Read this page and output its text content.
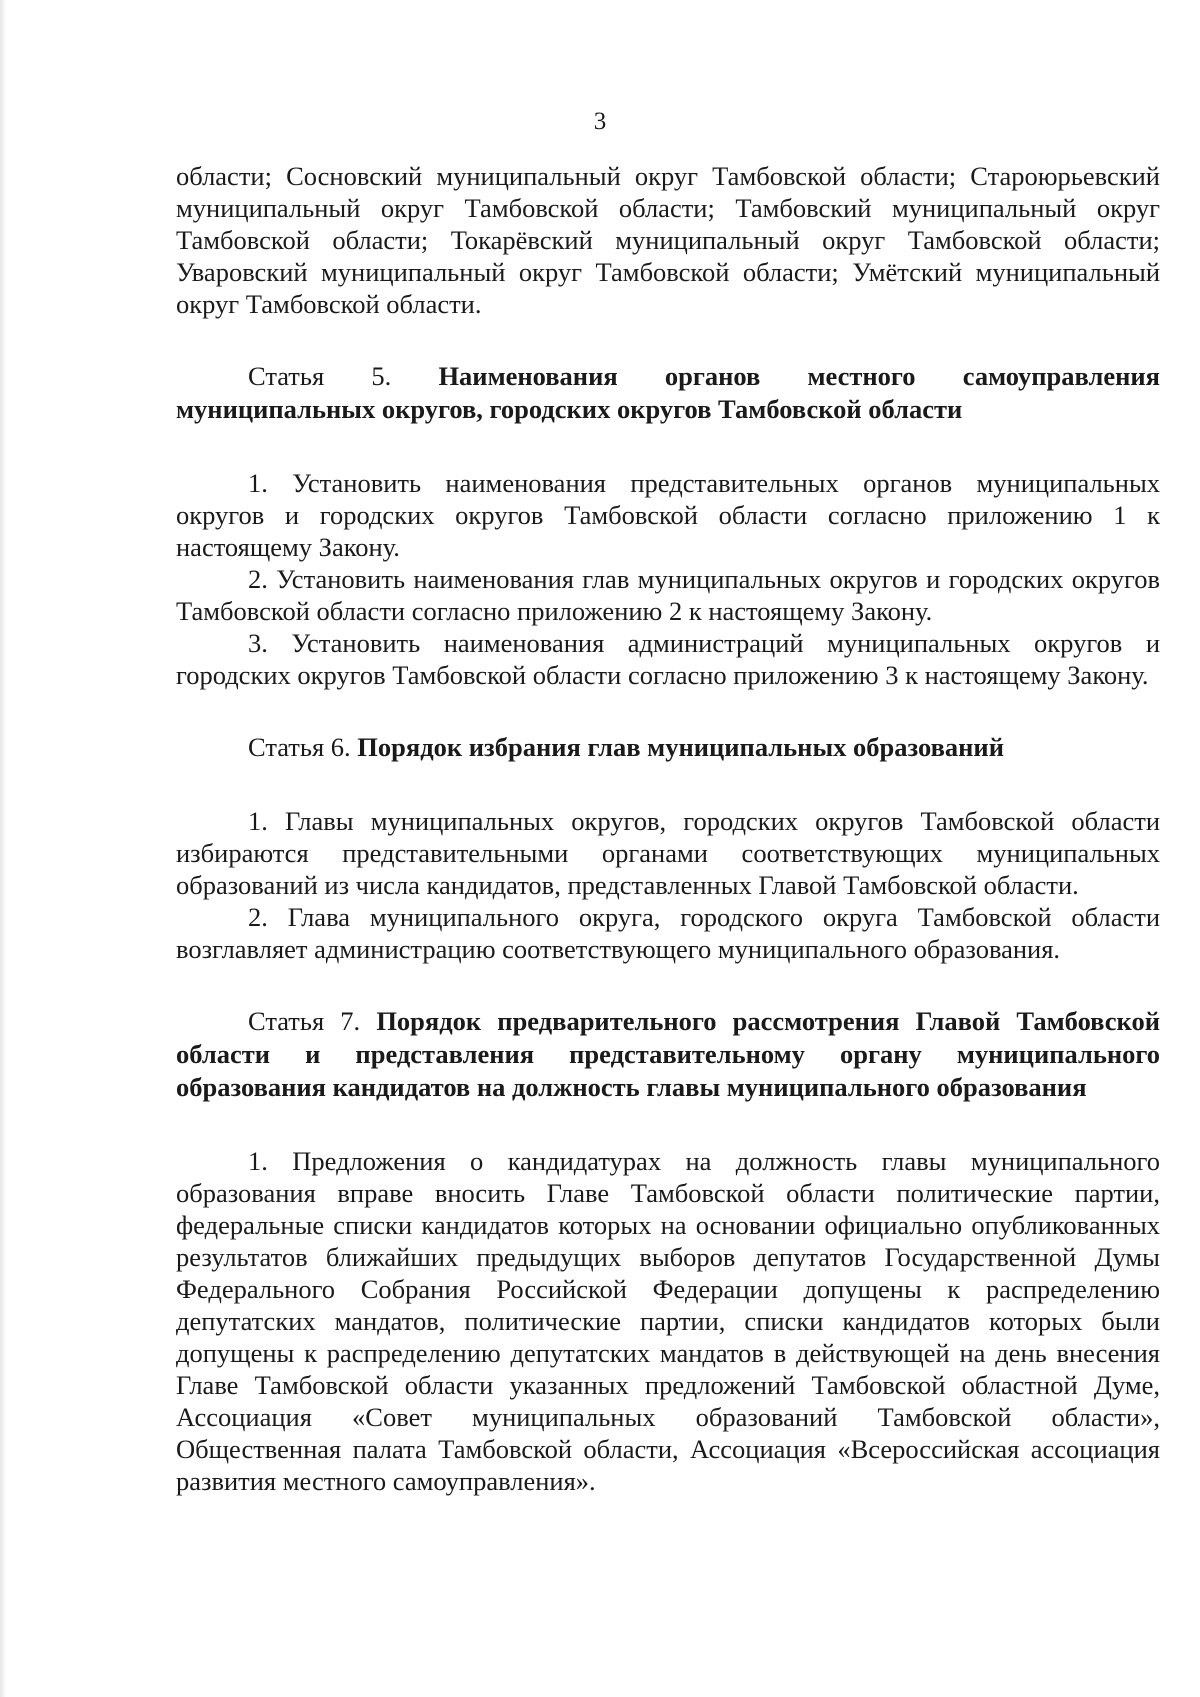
3

области; Сосновский муниципальный округ Тамбовской области; Староюрьевский муниципальный округ Тамбовской области; Тамбовский муниципальный округ Тамбовской области; Токарёвский муниципальный округ Тамбовской области; Уваровский муниципальный округ Тамбовской области; Умётский муниципальный округ Тамбовской области.

Статья 5. Наименования органов местного самоуправления муниципальных округов, городских округов Тамбовской области

1. Установить наименования представительных органов муниципальных округов и городских округов Тамбовской области согласно приложению 1 к настоящему Закону.

2. Установить наименования глав муниципальных округов и городских округов Тамбовской области согласно приложению 2 к настоящему Закону.

3. Установить наименования администраций муниципальных округов и городских округов Тамбовской области согласно приложению 3 к настоящему Закону.

Статья 6. Порядок избрания глав муниципальных образований

1. Главы муниципальных округов, городских округов Тамбовской области избираются представительными органами соответствующих муниципальных образований из числа кандидатов, представленных Главой Тамбовской области.

2. Глава муниципального округа, городского округа Тамбовской области возглавляет администрацию соответствующего муниципального образования.

Статья 7. Порядок предварительного рассмотрения Главой Тамбовской области и представления представительному органу муниципального образования кандидатов на должность главы муниципального образования

1. Предложения о кандидатурах на должность главы муниципального образования вправе вносить Главе Тамбовской области политические партии, федеральные списки кандидатов которых на основании официально опубликованных результатов ближайших предыдущих выборов депутатов Государственной Думы Федерального Собрания Российской Федерации допущены к распределению депутатских мандатов, политические партии, списки кандидатов которых были допущены к распределению депутатских мандатов в действующей на день внесения Главе Тамбовской области указанных предложений Тамбовской областной Думе, Ассоциация «Совет муниципальных образований Тамбовской области», Общественная палата Тамбовской области, Ассоциация «Всероссийская ассоциация развития местного самоуправления».
